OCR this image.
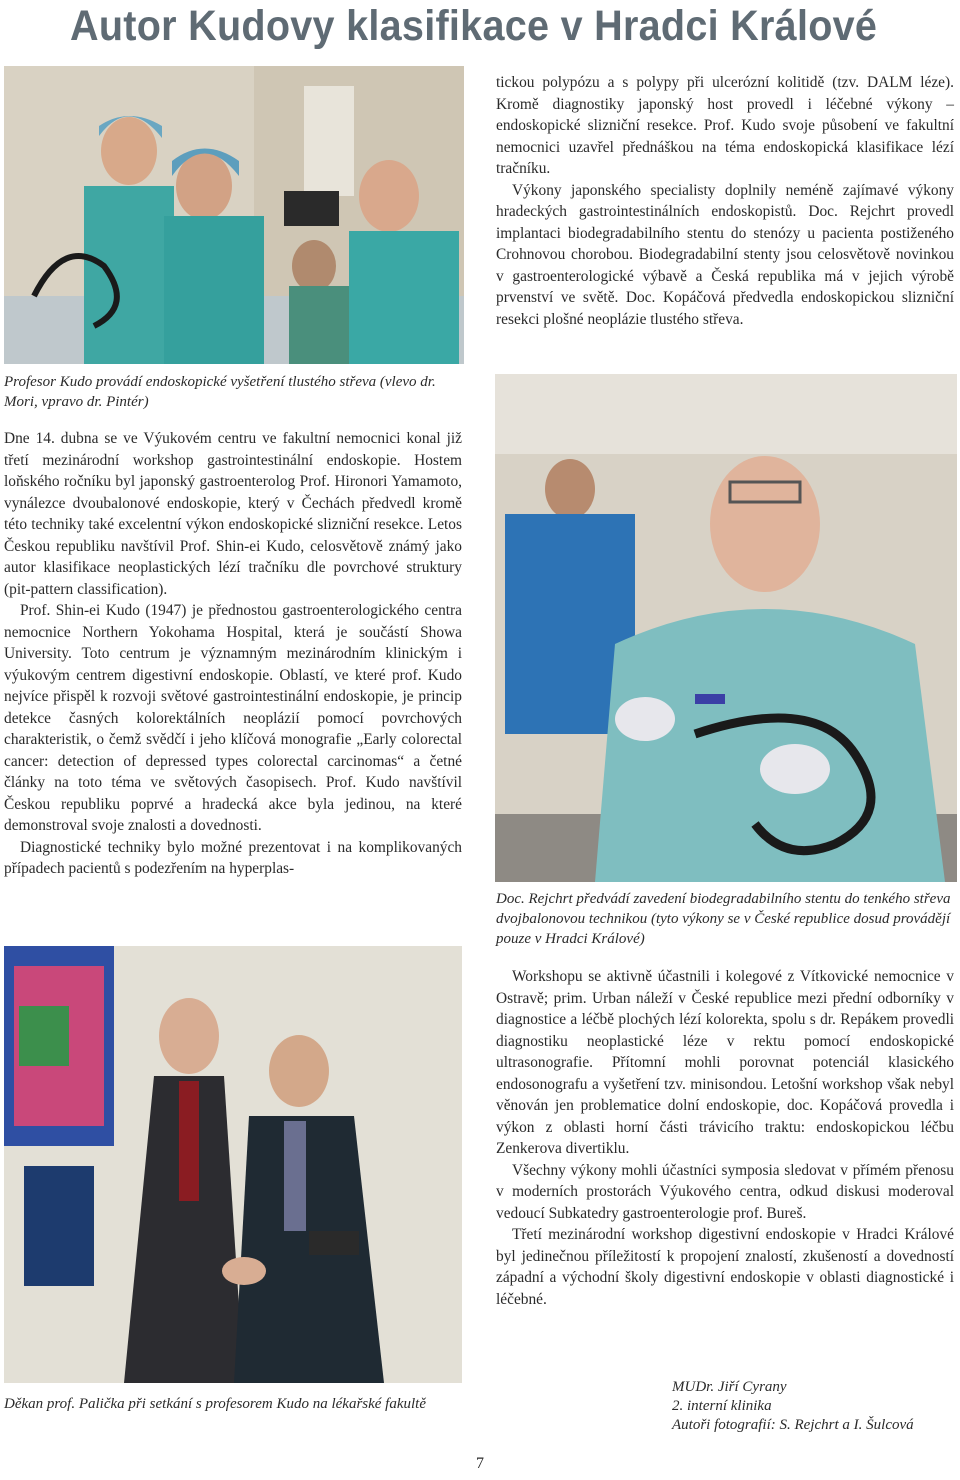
Autor Kudovy klasifikace v Hradci Králové

tickou polypózu a s polypy při ulcerózní kolitidě (tzv. DALM léze). Kromě diagnostiky japonský host provedl i léčebné výkony – endoskopické slizniční resekce. Prof. Kudo svoje působení ve fakultní nemocnici uzavřel přednáškou na téma endoskopická klasifikace lézí tračníku.

Výkony japonského specialisty doplnily neméně zajímavé výkony hradeckých gastrointestinálních endoskopistů. Doc. Rejchrt provedl implantaci biodegradabilního stentu do stenózy u pacienta postiženého Crohnovou chorobou. Biodegradabilní stenty jsou celosvětově novinkou v gastroenterologické výbavě a Česká republika má v jejich výrobě prvenství ve světě. Doc. Kopáčová předvedla endoskopickou slizniční resekci plošné neoplázie tlustého střeva.

Profesor Kudo provádí endoskopické vyšetření tlustého střeva (vlevo dr. Mori, vpravo dr. Pintér)

Dne 14. dubna se ve Výukovém centru ve fakultní nemocnici konal již třetí mezinárodní workshop gastrointestinální endoskopie. Hostem loňského ročníku byl japonský gastroenterolog Prof. Hironori Yamamoto, vynálezce dvoubalonové endoskopie, který v Čechách předvedl kromě této techniky také excelentní výkon endoskopické slizniční resekce. Letos Českou republiku navštívil Prof. Shin-ei Kudo, celosvětově známý jako autor klasifikace neoplastických lézí tračníku dle povrchové struktury (pit-pattern classification).

Prof. Shin-ei Kudo (1947) je přednostou gastroenterologického centra nemocnice Northern Yokohama Hospital, která je součástí Showa University. Toto centrum je významným mezinárodním klinickým i výukovým centrem digestivní endoskopie. Oblastí, ve které prof. Kudo nejvíce přispěl k rozvoji světové gastrointestinální endoskopie, je princip detekce časných kolorektálních neoplázií pomocí povrchových charakteristik, o čemž svědčí i jeho klíčová monografie „Early colorectal cancer: detection of depressed types colorectal carcinomas“ a četné články na toto téma ve světových časopisech. Prof. Kudo navštívil Českou republiku poprvé a hradecká akce byla jedinou, na které demonstroval svoje znalosti a dovednosti.

Diagnostické techniky bylo možné prezentovat i na komplikovaných případech pacientů s podezřením na hyperplas-

Doc. Rejchrt předvádí zavedení biodegradabilního stentu do tenkého střeva dvojbalonovou technikou (tyto výkony se v České republice dosud provádějí pouze v Hradci Králové)

Workshopu se aktivně účastnili i kolegové z Vítkovické nemocnice v Ostravě; prim. Urban náleží v České republice mezi přední odborníky v diagnostice a léčbě plochých lézí kolorekta, spolu s dr. Repákem provedli diagnostiku neoplastické léze v rektu pomocí endoskopické ultrasonografie. Přítomní mohli porovnat potenciál klasického endosonografu a vyšetření tzv. minisondou. Letošní workshop však nebyl věnován jen problematice dolní endoskopie, doc. Kopáčová provedla i výkon z oblasti horní části trávicího traktu: endoskopickou léčbu Zenkerova divertiklu.

Všechny výkony mohli účastníci symposia sledovat v přímém přenosu v moderních prostorách Výukového centra, odkud diskusi moderoval vedoucí Subkatedry gastroenterologie prof. Bureš.

Třetí mezinárodní workshop digestivní endoskopie v Hradci Králové byl jedinečnou příležitostí k propojení znalostí, zkušeností a dovedností západní a východní školy digestivní endoskopie v oblasti diagnostické i léčebné.

Děkan prof. Palička při setkání s profesorem Kudo na lékařské fakultě
MUDr. Jiří Cyrany
2. interní klinika
Autoři fotografií: S. Rejchrt a I. Šulcová
7
